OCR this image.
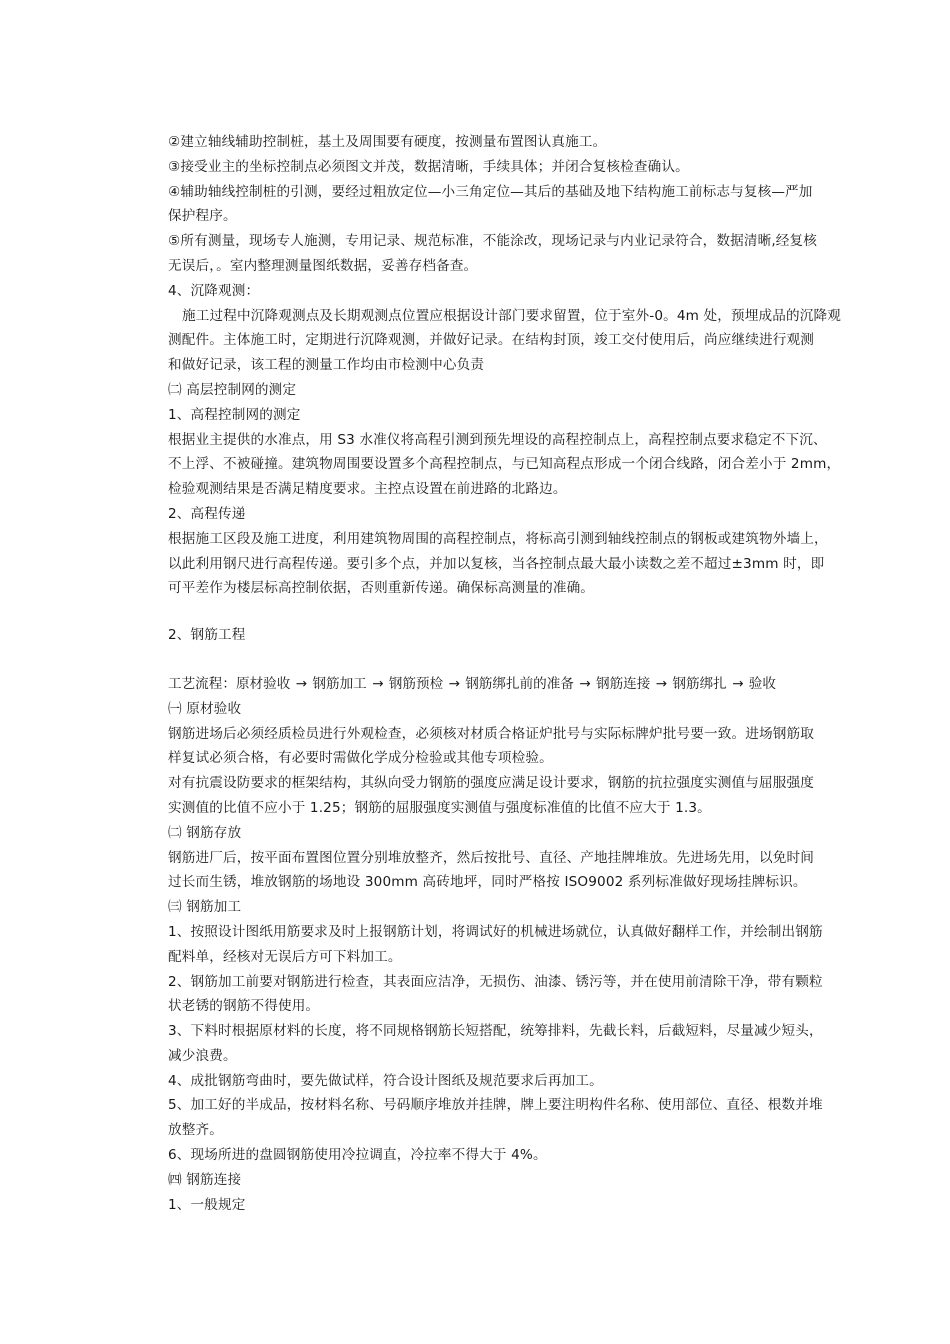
②建立轴线辅助控制桩，基土及周围要有硬度，按测量布置图认真施工。
③接受业主的坐标控制点必须图文并茂，数据清晰，手续具体；并闭合复核检查确认。
④辅助轴线控制桩的引测，要经过粗放定位—小三角定位—其后的基础及地下结构施工前标志与复核—严加
保护程序。
⑤所有测量，现场专人施测，专用记录、规范标准，不能涂改，现场记录与内业记录符合，数据清晰,经复核
无误后，。室内整理测量图纸数据，妥善存档备查。
4、沉降观测：
施工过程中沉降观测点及长期观测点位置应根据设计部门要求留置，位于室外-0。4m 处，预埋成品的沉降观
测配件。主体施工时，定期进行沉降观测，并做好记录。在结构封顶，竣工交付使用后，尚应继续进行观测
和做好记录，该工程的测量工作均由市检测中心负责
㈡ 高层控制网的测定
1、高程控制网的测定
根据业主提供的水准点，用 S3 水准仪将高程引测到预先埋设的高程控制点上，高程控制点要求稳定不下沉、
不上浮、不被碰撞。建筑物周围要设置多个高程控制点，与已知高程点形成一个闭合线路，闭合差小于 2mm，
检验观测结果是否满足精度要求。主控点设置在前进路的北路边。
2、高程传递
根据施工区段及施工进度，利用建筑物周围的高程控制点，将标高引测到轴线控制点的钢板或建筑物外墙上，
以此利用钢尺进行高程传递。要引多个点，并加以复核，当各控制点最大最小读数之差不超过±3mm 时，即
可平差作为楼层标高控制依据，否则重新传递。确保标高测量的准确。
2、钢筋工程
工艺流程：原材验收 → 钢筋加工 → 钢筋预检 → 钢筋绑扎前的准备 → 钢筋连接 → 钢筋绑扎 → 验收
㈠ 原材验收
钢筋进场后必须经质检员进行外观检查，必须核对材质合格证炉批号与实际标牌炉批号要一致。进场钢筋取
样复试必须合格，有必要时需做化学成分检验或其他专项检验。
对有抗震设防要求的框架结构，其纵向受力钢筋的强度应满足设计要求，钢筋的抗拉强度实测值与屈服强度
实测值的比值不应小于 1.25；钢筋的屈服强度实测值与强度标准值的比值不应大于 1.3。
㈡ 钢筋存放
钢筋进厂后，按平面布置图位置分别堆放整齐，然后按批号、直径、产地挂牌堆放。先进场先用，以免时间
过长而生锈，堆放钢筋的场地设 300mm 高砖地坪，同时严格按 ISO9002 系列标准做好现场挂牌标识。
㈢ 钢筋加工
1、按照设计图纸用筋要求及时上报钢筋计划，将调试好的机械进场就位，认真做好翻样工作，并绘制出钢筋
配料单，经核对无误后方可下料加工。
2、钢筋加工前要对钢筋进行检查，其表面应洁净，无损伤、油漆、锈污等，并在使用前清除干净，带有颗粒
状老锈的钢筋不得使用。
3、下料时根据原材料的长度，将不同规格钢筋长短搭配，统筹排料，先截长料，后截短料，尽量减少短头，
减少浪费。
4、成批钢筋弯曲时，要先做试样，符合设计图纸及规范要求后再加工。
5、加工好的半成品，按材料名称、号码顺序堆放并挂牌，牌上要注明构件名称、使用部位、直径、根数并堆
放整齐。
6、现场所进的盘圆钢筋使用冷拉调直，冷拉率不得大于 4%。
㈣ 钢筋连接
1、一般规定
